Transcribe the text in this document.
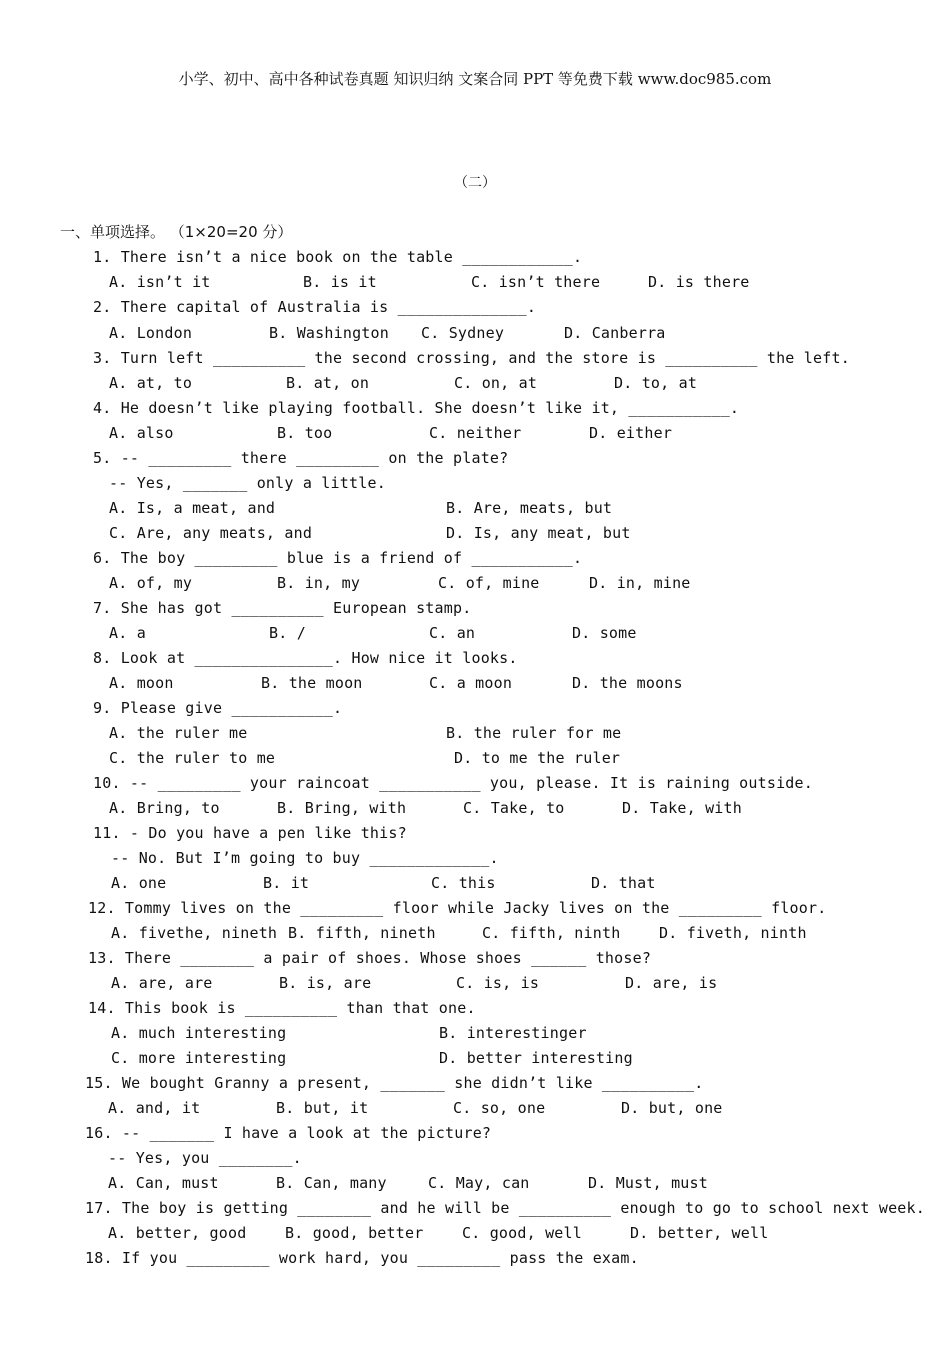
小学、初中、高中各种试卷真题 知识归纳 文案合同 PPT 等免费下载 www.doc985.com
（二）
一、单项选择。 （1×20=20 分）
1. There isn’t a nice book on the table ____________.
A. isn’t it	B. is it	C. isn’t there	D. is there
2. There capital of Australia is ______________.
A. London	B. Washington C. Sydney	D. Canberra
3. Turn left __________ the second crossing, and the store is __________ the left.
A. at, to	B. at, on	C. on, at	D. to, at
4. He doesn’t like playing football. She doesn’t like it, ___________.
A. also	B. too	C. neither	D. either
5. -- _________ there _________ on the plate?
-- Yes, _______ only a little.
A. Is, a meat, and	B. Are, meats, but
C. Are, any meats, and	D. Is, any meat, but
6. The boy _________ blue is a friend of ___________.
A. of, my	B. in, my	C. of, mine	D. in, mine
7. She has got __________ European stamp.
A. a	B. /	C. an	D. some
8. Look at _______________. How nice it looks.
A. moon	B. the moon	C. a moon	D. the moons
9. Please give ___________.
A. the ruler me	B. the ruler for me
C. the ruler to me	D. to me the ruler
10. -- _________ your raincoat ___________ you, please. It is raining outside.
A. Bring, to	B. Bring, with	C. Take, to	D. Take, with
11. - Do you have a pen like this?
-- No. But I’m going to buy _____________.
A. one	B. it	C. this	D. that
12. Tommy lives on the _________ floor while Jacky lives on the _________ floor.
A. fivethe, nineth B. fifth, nineth	C. fifth, ninth	D. fiveth, ninth
13. There ________ a pair of shoes. Whose shoes ______ those?
A. are, are	B. is, are	C. is, is	D. are, is
14. This book is __________ than that one.
A. much interesting	B. interestinger
C. more interesting	D. better interesting
15. We bought Granny a present, _______ she didn’t like __________.
A. and, it	B. but, it	C. so, one	D. but, one
16. -- _______ I have a look at the picture?
-- Yes, you ________.
A. Can, must	B. Can, many	C. May, can	D. Must, must
17. The boy is getting ________ and he will be __________ enough to go to school next week.
A. better, good	B. good, better	C. good, well	D. better, well
18. If you _________ work hard, you _________ pass the exam.
